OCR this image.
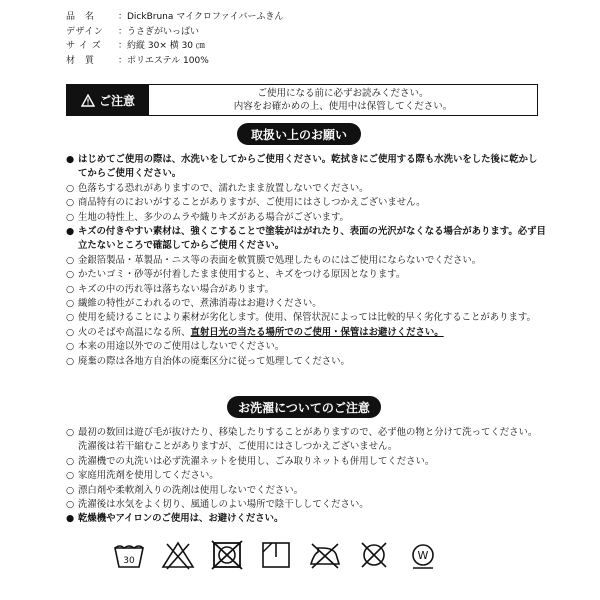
品　名	：DickBruna マイクロファイバーふきん
デザイン	：うさぎがいっぱい
サ イ ズ	：約縦 30× 横 30 ㎝
材　質	：ポリエステル 100%
ご注意	ご使用になる前に必ずお読みください。
内容をお確かめの上、使用中は保管してください。
取扱い上のお願い
● はじめてご使用の際は、水洗いをしてからご使用ください。乾拭きにご使用する際も水洗いをした後に乾かしてからご使用ください。
○ 色落ちする恐れがありますので、濡れたまま放置しないでください。
○ 商品特有のにおいがすることがありますが、ご使用にはさしつかえございません。
○ 生地の特性上、多少のムラや織りキズがある場合がございます。
● キズの付きやすい素材は、強くこすることで塗装がはがれたり、表面の光沢がなくなる場合があります。必ず目立たないところで確認してからご使用ください。
○ 金銀箔製品・革製品・ニス等の表面を軟質膜で処理したものにはご使用にならないでください。
○ かたいゴミ・砂等が付着したまま使用すると、キズをつける原因となります。
○ キズの中の汚れ等は落ちない場合があります。
○ 繊維の特性がこわれるので、煮沸消毒はお避けください。
○ 使用を続けることにより素材が劣化します。使用、保管状況によっては比較的早く劣化することがあります。
○ 火のそばや高温になる所、直射日光の当たる場所でのご使用・保管はお避けください。
○ 本来の用途以外でのご使用はしないでください。
○ 廃棄の際は各地方自治体の廃棄区分に従って処理してください。
お洗濯についてのご注意
○ 最初の数回は遊び毛が抜けたり、移染したりすることがありますので、必ず他の物と分けて洗ってください。洗濯後は若干縮むことがありますが、ご使用にはさしつかえございません。
○ 洗濯機での丸洗いは必ず洗濯ネットを使用し、ごみ取りネットも併用してください。
○ 家庭用洗剤を使用してください。
○ 漂白剤や柔軟剤入りの洗剤は使用しないでください。
○ 洗濯後は水気をよく切り、風通しのよい場所で陰干ししてください。
● 乾燥機やアイロンのご使用は、お避けください。
30	W
